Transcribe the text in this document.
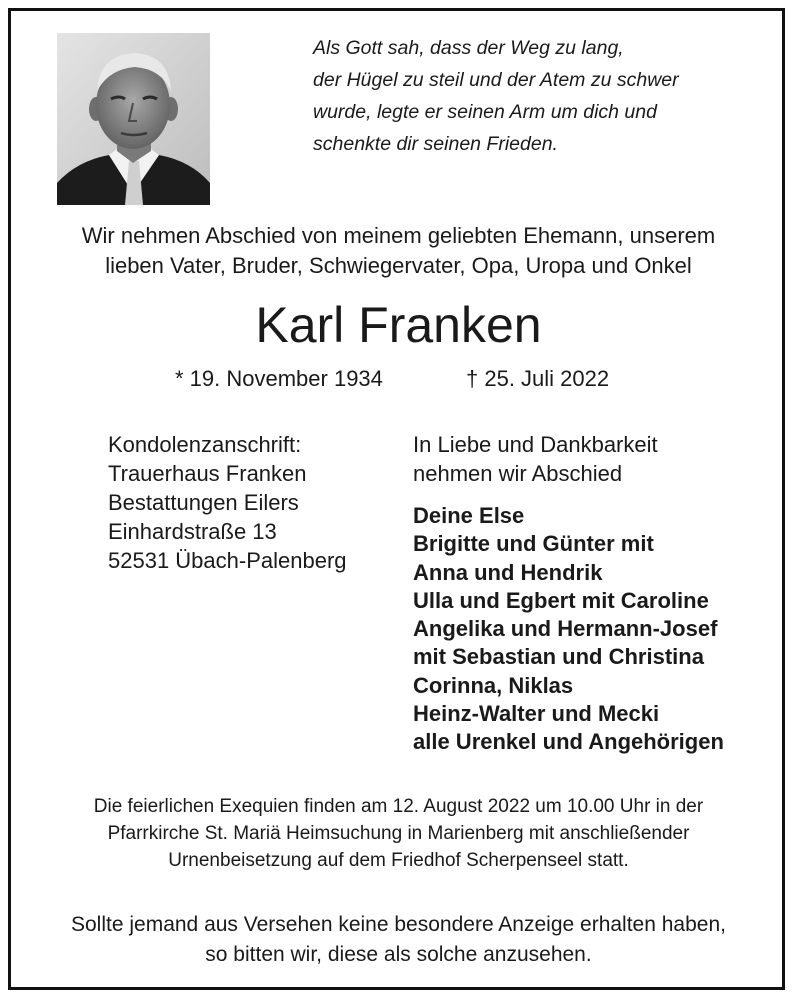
Als Gott sah, dass der Weg zu lang,
der Hügel zu steil und der Atem zu schwer
wurde, legte er seinen Arm um dich und
schenkte dir seinen Frieden.
Wir nehmen Abschied von meinem geliebten Ehemann, unserem
lieben Vater, Bruder, Schwiegervater, Opa, Uropa und Onkel
Karl Franken
* 19. November 1934	† 25. Juli 2022
Kondolenzanschrift:
Trauerhaus Franken
Bestattungen Eilers
Einhardstraße 13
52531 Übach-Palenberg
In Liebe und Dankbarkeit
nehmen wir Abschied
Deine Else
Brigitte und Günter mit
Anna und Hendrik
Ulla und Egbert mit Caroline
Angelika und Hermann-Josef
mit Sebastian und Christina
Corinna, Niklas
Heinz-Walter und Mecki
alle Urenkel und Angehörigen
Die feierlichen Exequien finden am 12. August 2022 um 10.00 Uhr in der
Pfarrkirche St. Mariä Heimsuchung in Marienberg mit anschließender
Urnenbeisetzung auf dem Friedhof Scherpenseel statt.
Sollte jemand aus Versehen keine besondere Anzeige erhalten haben,
so bitten wir, diese als solche anzusehen.
